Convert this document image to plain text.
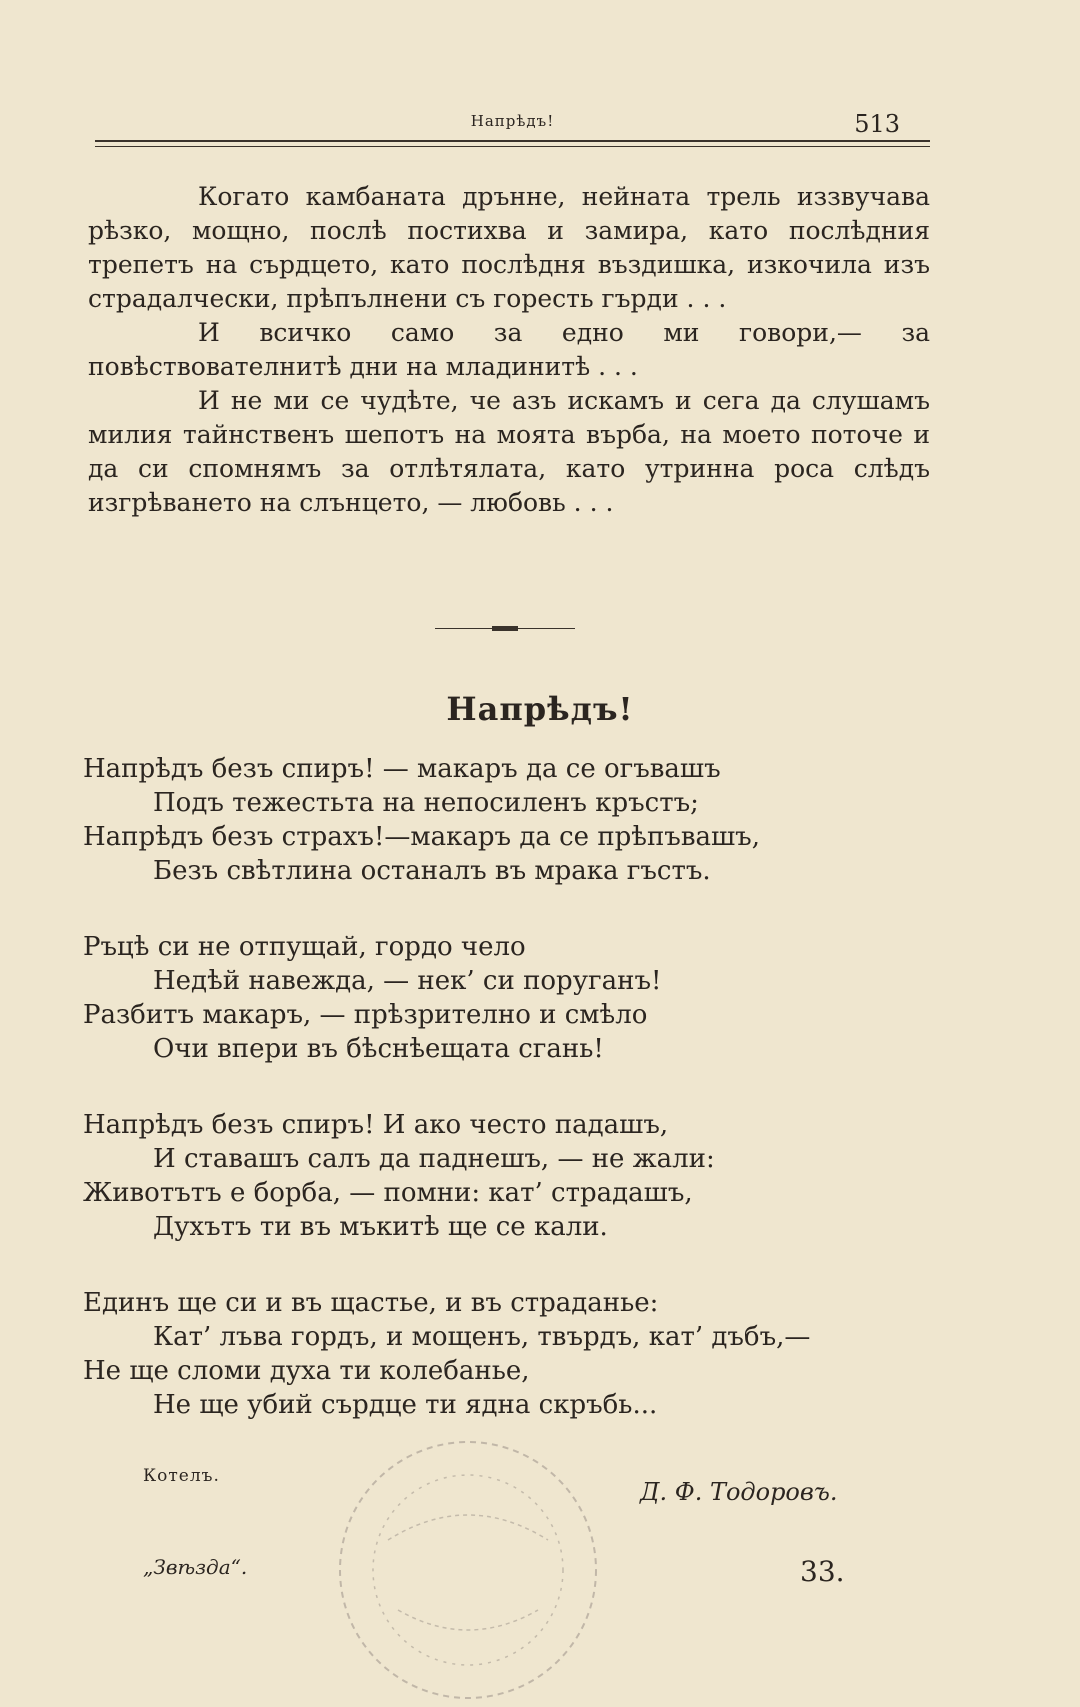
Напрѣдъ!	513

Когато камбаната дрънне, нейната трель иззвучава рѣзко, мощно, послѣ постихва и замира, като послѣдния трепетъ на сърдцето, като послѣдня въздишка, изкочила изъ страдалчески, прѣпълнени съ горесть гърди . . .

И всичко само за едно ми говори,— за повѣствователнитѣ дни на младинитѣ . . .

И не ми се чудѣте, че азъ искамъ и сега да слушамъ милия тайнственъ шепотъ на моята върба, на моето поточе и да си спомнямъ за отлѣтялата, като утринна роса слѣдъ изгрѣването на слънцето, — любовь . . .

Напрѣдъ!
Напрѣдъ безъ спиръ! — макаръ да се огъвашъ
Подъ тежестьта на непосиленъ кръстъ;
Напрѣдъ безъ страхъ!—макаръ да се прѣпъвашъ,
Безъ свѣтлина останалъ въ мрака гъстъ.
Ръцѣ си не отпущай, гордо чело
Недѣй навежда, — нек’ си поруганъ!
Разбитъ макаръ, — прѣзрително и смѣло
Очи впери въ бѣснѣещата сгань!
Напрѣдъ безъ спиръ! И ако често падашъ,
И ставашъ салъ да паднешъ, — не жали:
Животътъ е борба, — помни: кат’ страдашъ,
Духътъ ти въ мъкитѣ ще се кали.
Единъ ще си и въ щастье, и въ страданье:
Кат’ лъва гордъ, и мощенъ, твърдъ, кат’ дъбъ,—
Не ще сломи духа ти колебанье,
Не ще убий сърдце ти ядна скръбь...
Котелъ.
Д. Ф. Тодоровъ.
„Звѣзда“.	33.
